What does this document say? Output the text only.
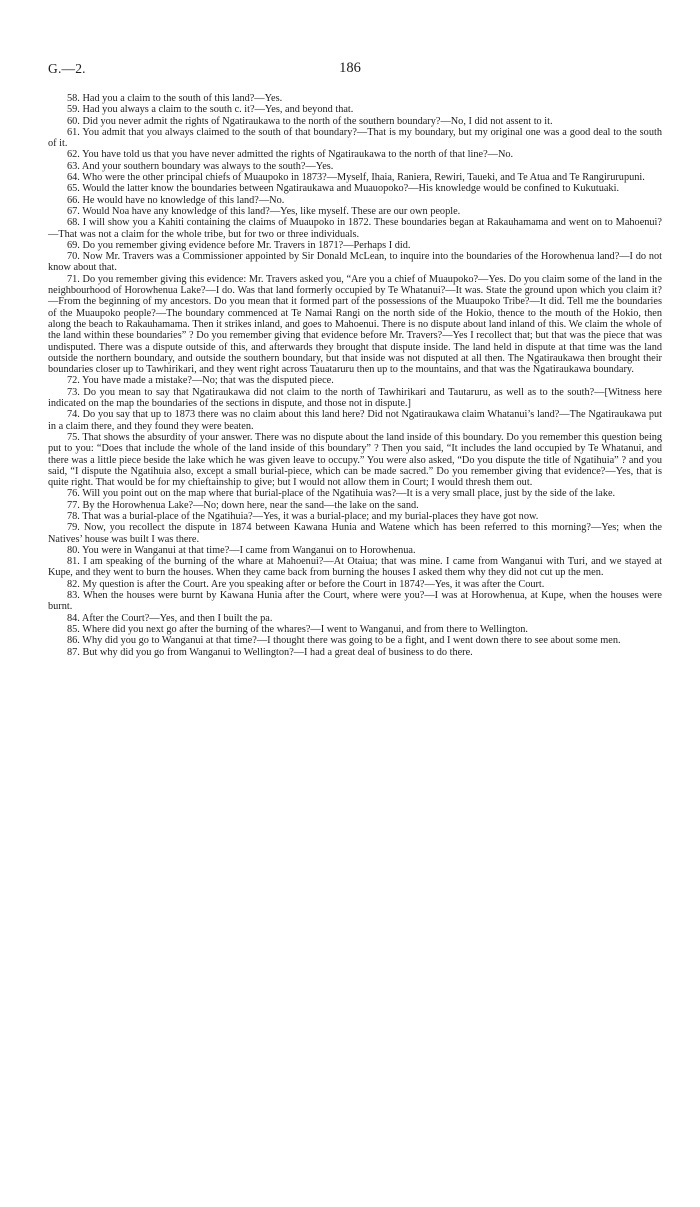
G.—2.	186

58. Had you a claim to the south of this land?—Yes.

59. Had you always a claim to the south c. it?—Yes, and beyond that.

60. Did you never admit the rights of Ngatiraukawa to the north of the southern boundary?—No, I did not assent to it.

61. You admit that you always claimed to the south of that boundary?—That is my boundary, but my original one was a good deal to the south of it.

62. You have told us that you have never admitted the rights of Ngatiraukawa to the north of that line?—No.

63. And your southern boundary was always to the south?—Yes.

64. Who were the other principal chiefs of Muaupoko in 1873?—Myself, Ihaia, Raniera, Rewiri, Taueki, and Te Atua and Te Rangirurupuni.

65. Would the latter know the boundaries between Ngatiraukawa and Muauopoko?—His knowledge would be confined to Kukutuaki.

66. He would have no knowledge of this land?—No.

67. Would Noa have any knowledge of this land?—Yes, like myself. These are our own people.

68. I will show you a Kahiti containing the claims of Muaupoko in 1872. These boundaries began at Rakauhamama and went on to Mahoenui?—That was not a claim for the whole tribe, but for two or three individuals.

69. Do you remember giving evidence before Mr. Travers in 1871?—Perhaps I did.

70. Now Mr. Travers was a Commissioner appointed by Sir Donald McLean, to inquire into the boundaries of the Horowhenua land?—I do not know about that.

71. Do you remember giving this evidence: Mr. Travers asked you, “Are you a chief of Muaupoko?—Yes. Do you claim some of the land in the neighbourhood of Horowhenua Lake?—I do. Was that land formerly occupied by Te Whatanui?—It was. State the ground upon which you claim it?—From the beginning of my ancestors. Do you mean that it formed part of the possessions of the Muaupoko Tribe?—It did. Tell me the boundaries of the Muaupoko people?—The boundary commenced at Te Namai Rangi on the north side of the Hokio, thence to the mouth of the Hokio, then along the beach to Rakauhamama. Then it strikes inland, and goes to Mahoenui. There is no dispute about land inland of this. We claim the whole of the land within these boundaries” ? Do you remember giving that evidence before Mr. Travers?—Yes I recollect that; but that was the piece that was undisputed. There was a dispute outside of this, and afterwards they brought that dispute inside. The land held in dispute at that time was the land outside the northern boundary, and outside the southern boundary, but that inside was not disputed at all then. The Ngatiraukawa then brought their boundaries closer up to Tawhirikari, and they went right across Tauataruru then up to the mountains, and that was the Ngatiraukawa boundary.

72. You have made a mistake?—No; that was the disputed piece.

73. Do you mean to say that Ngatiraukawa did not claim to the north of Tawhirikari and Tautaruru, as well as to the south?—[Witness here indicated on the map the boundaries of the sections in dispute, and those not in dispute.]

74. Do you say that up to 1873 there was no claim about this land here? Did not Ngatiraukawa claim Whatanui’s land?—The Ngatiraukawa put in a claim there, and they found they were beaten.

75. That shows the absurdity of your answer. There was no dispute about the land inside of this boundary. Do you remember this question being put to you: “Does that include the whole of the land inside of this boundary” ? Then you said, “It includes the land occupied by Te Whatanui, and there was a little piece beside the lake which he was given leave to occupy.” You were also asked, “Do you dispute the title of Ngatihuia” ? and you said, “I dispute the Ngatihuia also, except a small burial-piece, which can be made sacred.” Do you remember giving that evidence?—Yes, that is quite right. That would be for my chieftainship to give; but I would not allow them in Court; I would thresh them out.

76. Will you point out on the map where that burial-place of the Ngatihuia was?—It is a very small place, just by the side of the lake.

77. By the Horowhenua Lake?—No; down here, near the sand—the lake on the sand.

78. That was a burial-place of the Ngatihuia?—Yes, it was a burial-place; and my burial-places they have got now.

79. Now, you recollect the dispute in 1874 between Kawana Hunia and Watene which has been referred to this morning?—Yes; when the Natives’ house was built I was there.

80. You were in Wanganui at that time?—I came from Wanganui on to Horowhenua.

81. I am speaking of the burning of the whare at Mahoenui?—At Otaiua; that was mine. I came from Wanganui with Turi, and we stayed at Kupe, and they went to burn the houses. When they came back from burning the houses I asked them why they did not cut up the men.

82. My question is after the Court. Are you speaking after or before the Court in 1874?—Yes, it was after the Court.

83. When the houses were burnt by Kawana Hunia after the Court, where were you?—I was at Horowhenua, at Kupe, when the houses were burnt.

84. After the Court?—Yes, and then I built the pa.

85. Where did you next go after the burning of the whares?—I went to Wanganui, and from there to Wellington.

86. Why did you go to Wanganui at that time?—I thought there was going to be a fight, and I went down there to see about some men.

87. But why did you go from Wanganui to Wellington?—I had a great deal of business to do there.
